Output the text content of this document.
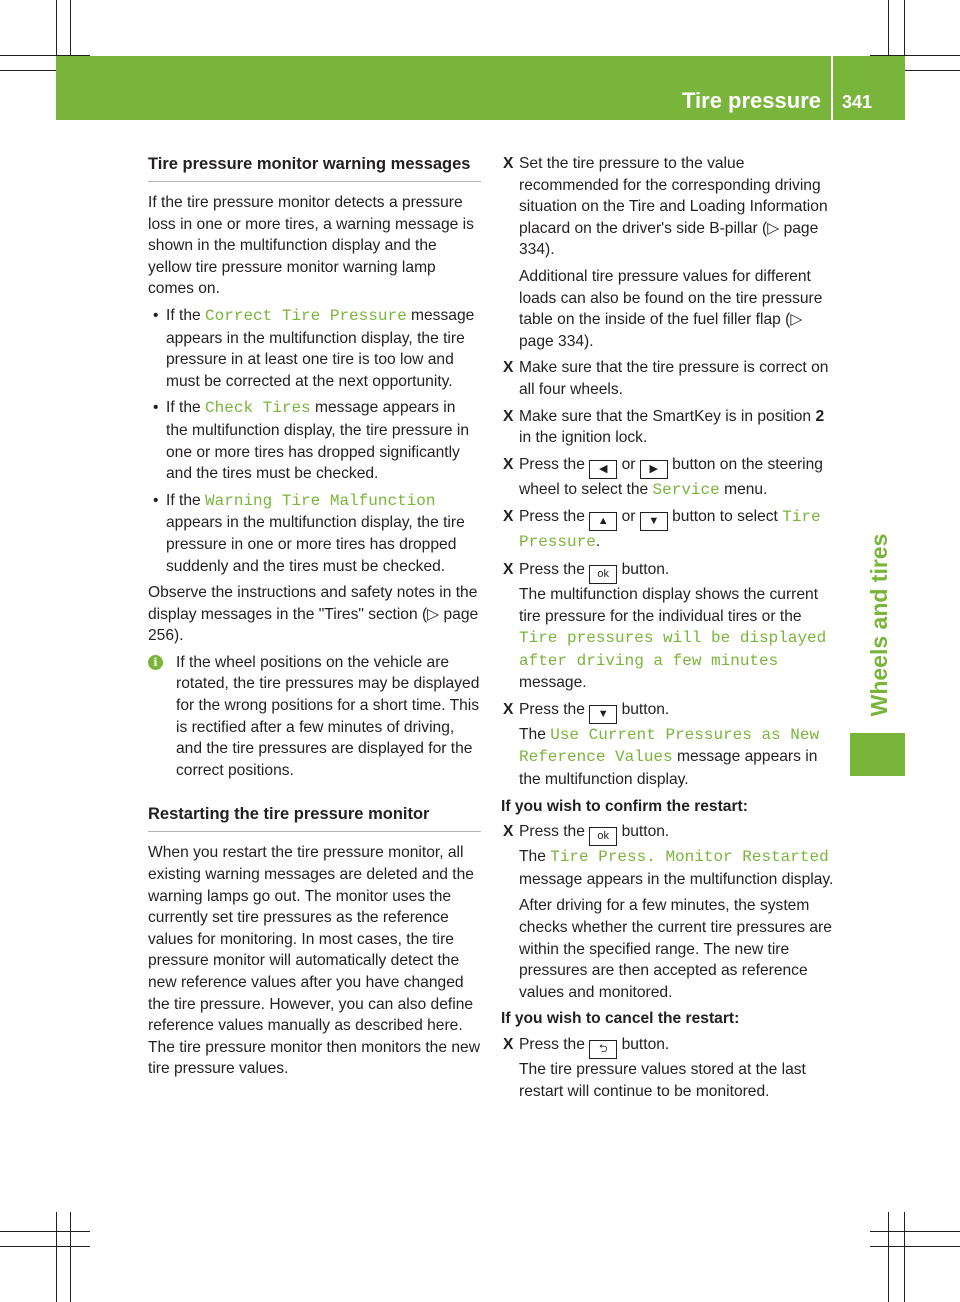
Tire pressure 341
Wheels and tires
Tire pressure monitor warning messages

If the tire pressure monitor detects a pressure loss in one or more tires, a warning message is shown in the multifunction display and the yellow tire pressure monitor warning lamp comes on.

• If the Correct Tire Pressure message appears in the multifunction display, the tire pressure in at least one tire is too low and must be corrected at the next opportunity.
• If the Check Tires message appears in the multifunction display, the tire pressure in one or more tires has dropped significantly and the tires must be checked.
• If the Warning Tire Malfunction appears in the multifunction display, the tire pressure in one or more tires has dropped suddenly and the tires must be checked.

Observe the instructions and safety notes in the display messages in the "Tires" section (▷ page 256).

i	If the wheel positions on the vehicle are rotated, the tire pressures may be displayed for the wrong positions for a short time. This is rectified after a few minutes of driving, and the tire pressures are displayed for the correct positions.
Restarting the tire pressure monitor

When you restart the tire pressure monitor, all existing warning messages are deleted and the warning lamps go out. The monitor uses the currently set tire pressures as the reference values for monitoring. In most cases, the tire pressure monitor will automatically detect the new reference values after you have changed the tire pressure. However, you can also define reference values manually as described here. The tire pressure monitor then monitors the new tire pressure values.

X Set the tire pressure to the value recommended for the corresponding driving situation on the Tire and Loading Information placard on the driver's side B-pillar (▷ page 334).
Additional tire pressure values for different loads can also be found on the tire pressure table on the inside of the fuel filler flap (▷ page 334).
X Make sure that the tire pressure is correct on all four wheels.
X Make sure that the SmartKey is in position 2 in the ignition lock.
X Press the ◀ or ▶ button on the steering wheel to select the Service menu.
X Press the ▲ or ▼ button to select Tire Pressure.
X Press the ok button.
The multifunction display shows the current tire pressure for the individual tires or the Tire pressures will be displayed after driving a few minutes message.
X Press the ▼ button.
The Use Current Pressures as New Reference Values message appears in the multifunction display.
If you wish to confirm the restart:
X Press the ok button.

The Tire Press. Monitor Restarted message appears in the multifunction display.
After driving for a few minutes, the system checks whether the current tire pressures are within the specified range. The new tire pressures are then accepted as reference values and monitored.
If you wish to cancel the restart:
X Press the ⮌ button.
The tire pressure values stored at the last restart will continue to be monitored.
